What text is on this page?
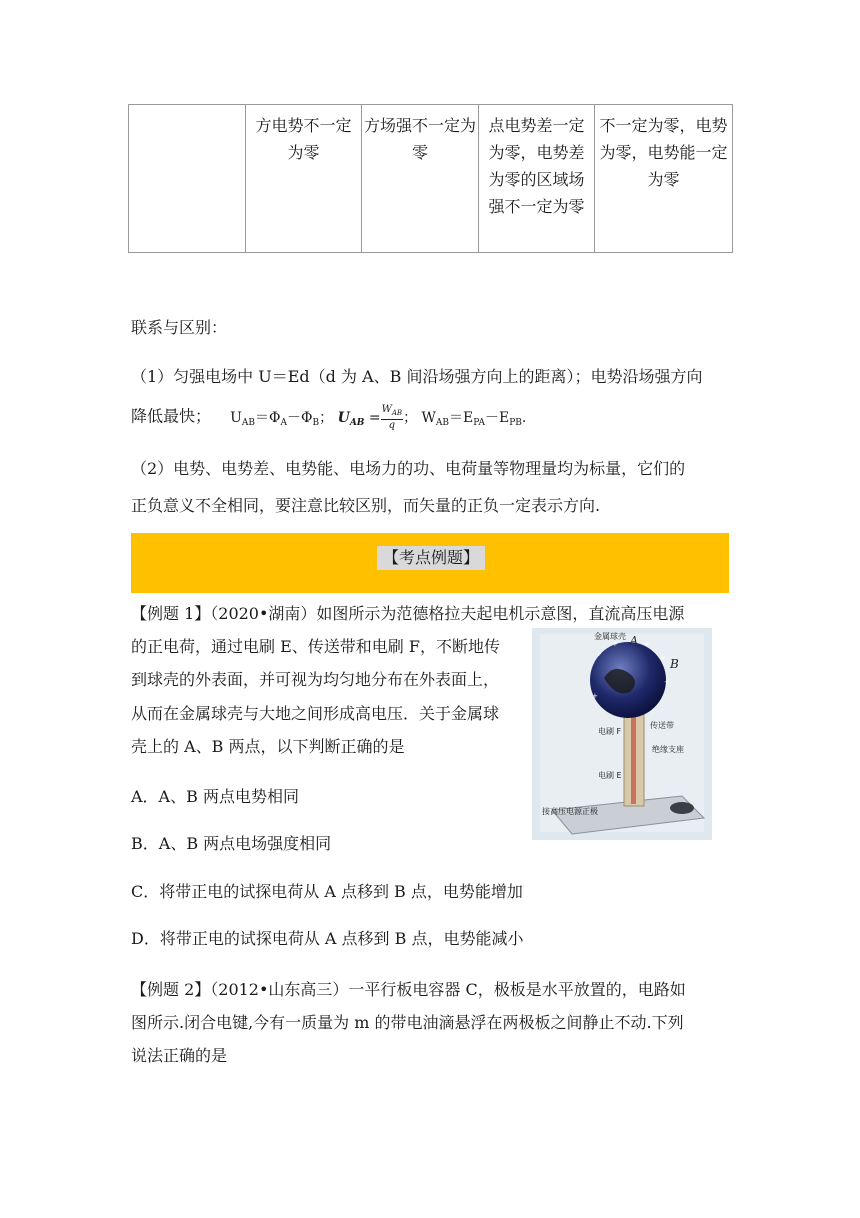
	方电势不一定为零	方场强不一定为零	点电势差一定为零，电势差为零的区域场强不一定为零	不一定为零，电势为零，电势能一定为零
联系与区别：
（1）匀强电场中 U＝Ed（d 为 A、B 间沿场强方向上的距离）；电势沿场强方向
降低最快； $U_{AB}=\Phi_A-\Phi_B$； $U_{AB} = \frac{W_{AB}}{q}$ ； $W_{AB}=E_{PA}-E_{PB}$.
（2）电势、电势差、电势能、电场力的功、电荷量等物理量均为标量，它们的
正负意义不全相同，要注意比较区别，而矢量的正负一定表示方向.
【考点例题】
【例题 1】（2020•湖南）如图所示为范德格拉夫起电机示意图，直流高压电源
的正电荷，通过电刷 E、传送带和电刷 F，不断地传
到球壳的外表面，并可视为均匀地分布在外表面上，
从而在金属球壳与大地之间形成高电压．关于金属球
壳上的 A、B 两点，以下判断正确的是
A．A、B 两点电势相同
B．A、B 两点电场强度相同
C．将带正电的试探电荷从 A 点移到 B 点，电势能增加
D．将带正电的试探电荷从 A 点移到 B 点，电势能减小
+
+	+
+
+
+
金属球壳 A
B
电刷 F
传送带
绝缘支座
电刷 E
接高压电源正极
【例题 2】（2012•山东高三）一平行板电容器 C，极板是水平放置的，电路如
图所示.闭合电键,今有一质量为 m 的带电油滴悬浮在两极板之间静止不动.下列
说法正确的是
